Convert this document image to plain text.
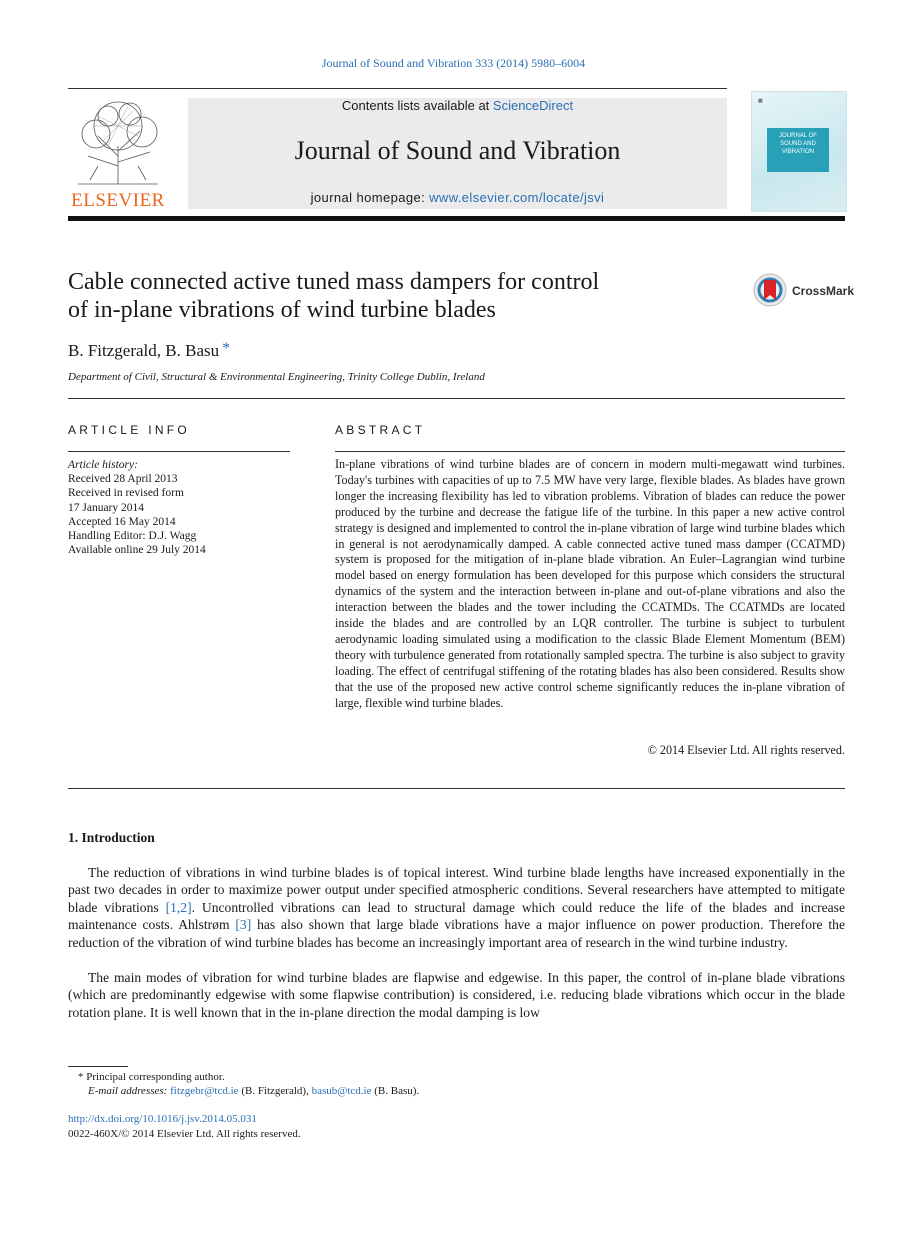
Journal of Sound and Vibration 333 (2014) 5980–6004
ELSEVIER
Contents lists available at ScienceDirect
Journal of Sound and Vibration
journal homepage: www.elsevier.com/locate/jsvi
▦
JOURNAL OF
SOUND AND
VIBRATION
Cable connected active tuned mass dampers for control
of in-plane vibrations of wind turbine blades
CrossMark
B. Fitzgerald, B. Basu *
Department of Civil, Structural & Environmental Engineering, Trinity College Dublin, Ireland
ARTICLE INFO
Article history:
Received 28 April 2013
Received in revised form
17 January 2014
Accepted 16 May 2014
Handling Editor: D.J. Wagg
Available online 29 July 2014
ABSTRACT
In-plane vibrations of wind turbine blades are of concern in modern multi-megawatt wind turbines. Today's turbines with capacities of up to 7.5 MW have very large, flexible blades. As blades have grown longer the increasing flexibility has led to vibration problems. Vibration of blades can reduce the power produced by the turbine and decrease the fatigue life of the turbine. In this paper a new active control strategy is designed and implemented to control the in-plane vibration of large wind turbine blades which in general is not aerodynamically damped. A cable connected active tuned mass damper (CCATMD) system is proposed for the mitigation of in-plane blade vibration. An Euler–Lagrangian wind turbine model based on energy formulation has been developed for this purpose which considers the structural dynamics of the system and the interaction between in-plane and out-of-plane vibrations and also the interaction between the blades and the tower including the CCATMDs. The CCATMDs are located inside the blades and are controlled by an LQR controller. The turbine is subject to turbulent aerodynamic loading simulated using a modification to the classic Blade Element Momentum (BEM) theory with turbulence generated from rotationally sampled spectra. The turbine is also subject to gravity loading. The effect of centrifugal stiffening of the rotating blades has also been considered. Results show that the use of the proposed new active control scheme significantly reduces the in-plane vibration of large, flexible wind turbine blades.
© 2014 Elsevier Ltd. All rights reserved.
1. Introduction
The reduction of vibrations in wind turbine blades is of topical interest. Wind turbine blade lengths have increased exponentially in the past two decades in order to maximize power output under specified atmospheric conditions. Several researchers have attempted to mitigate blade vibrations [1,2]. Uncontrolled vibrations can lead to structural damage which could reduce the life of the blades and increase maintenance costs. Ahlstrøm [3] has also shown that large blade vibrations have a major influence on power production. Therefore the reduction of the vibration of wind turbine blades has become an increasingly important area of research in the wind turbine industry.
The main modes of vibration for wind turbine blades are flapwise and edgewise. In this paper, the control of in-plane blade vibrations (which are predominantly edgewise with some flapwise contribution) is considered, i.e. reducing blade vibrations which occur in the blade rotation plane. It is well known that in the in-plane direction the modal damping is low
* Principal corresponding author.
E-mail addresses: fitzgebr@tcd.ie (B. Fitzgerald), basub@tcd.ie (B. Basu).
http://dx.doi.org/10.1016/j.jsv.2014.05.031
0022-460X/© 2014 Elsevier Ltd. All rights reserved.
